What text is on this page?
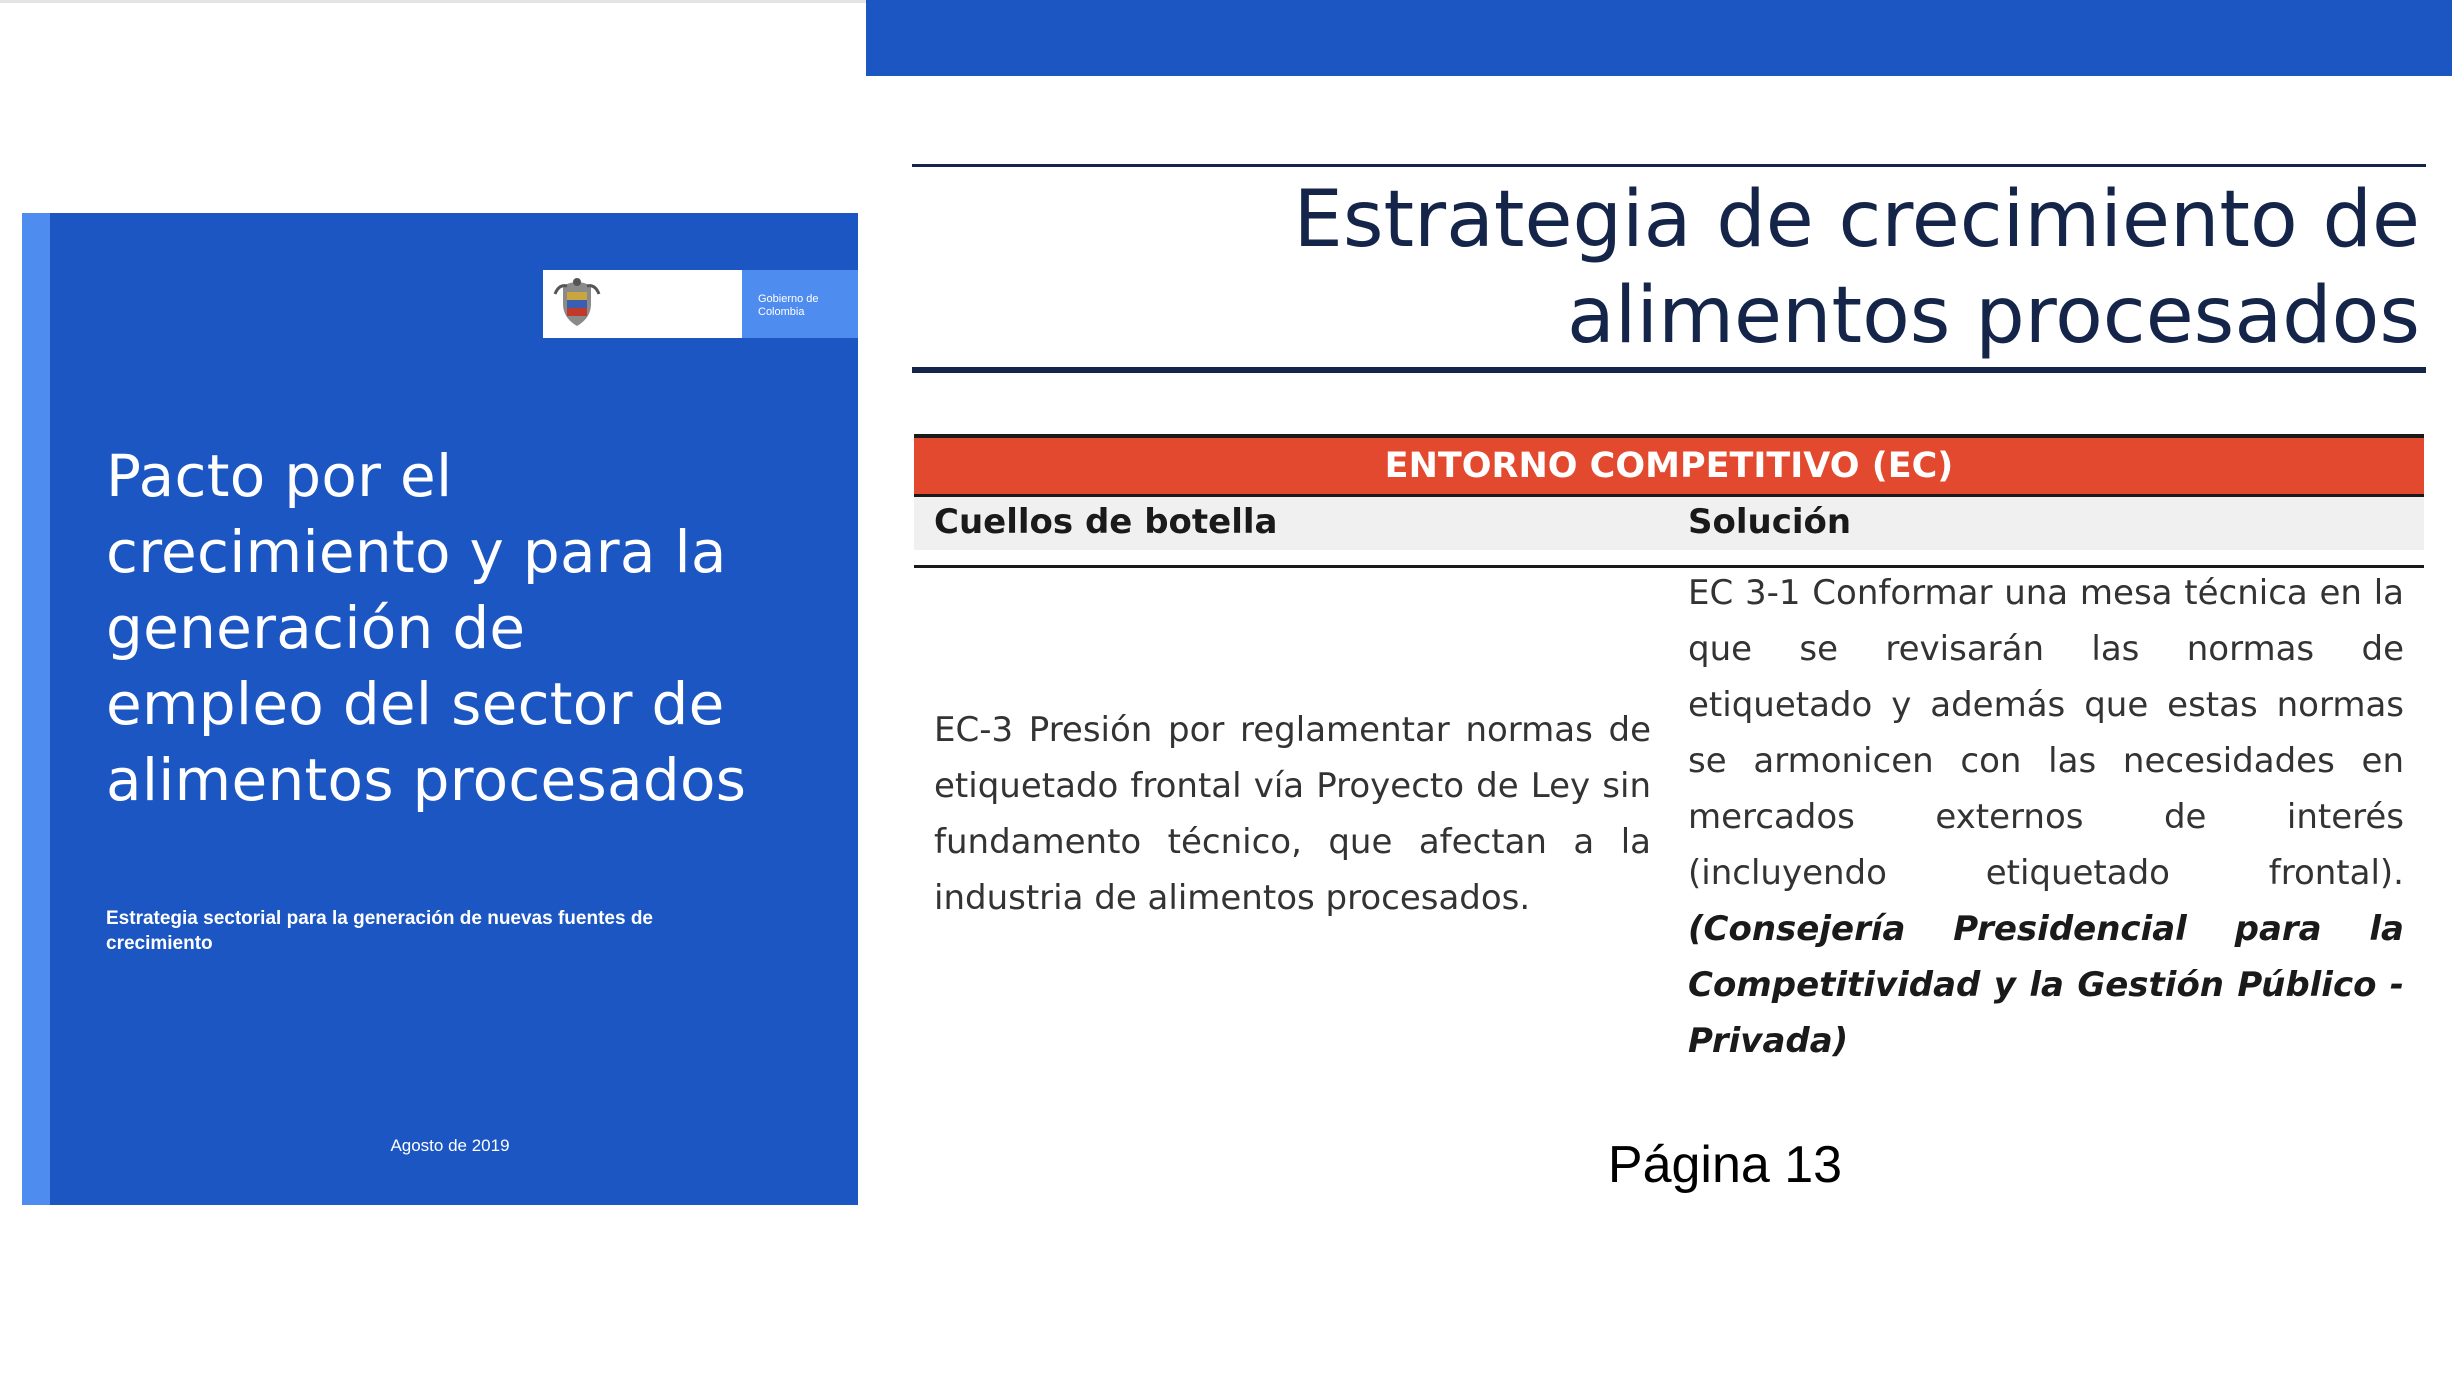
El futuro es de todos
Gobierno de Colombia
Pacto por el crecimiento y para la generación de empleo del sector de alimentos procesados
Estrategia sectorial para la generación de nuevas fuentes de crecimiento
Agosto de 2019
Estrategia de crecimiento de
alimentos procesados
ENTORNO COMPETITIVO (EC)
Cuellos de botella	Solución
EC-3 Presión por reglamentar normas de etiquetado frontal vía Proyecto de Ley sin fundamento técnico, que afectan a la industria de alimentos procesados.
EC 3-1 Conformar una mesa técnica en la que se revisarán las normas de etiquetado y además que estas normas se armonicen con las necesidades en mercados externos de interés (incluyendo etiquetado frontal). (Consejería Presidencial para la Competitividad y la Gestión Público - Privada)
Página 13
